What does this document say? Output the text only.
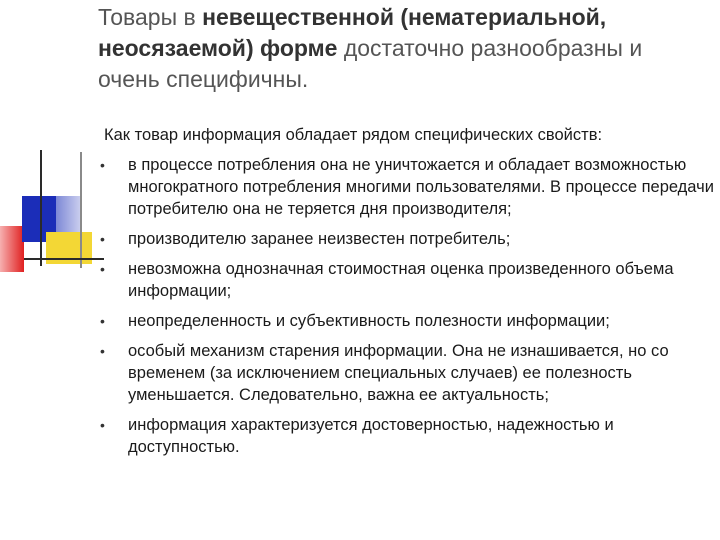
Товары в невещественной (нематериальной, неосязаемой) форме достаточно разнообразны и очень специфичны.
Как товар информация обладает рядом специфических свойств:
• в процессе потребления она не уничтожается и обладает возможностью многократного потребления многими пользователями. В процессе передачи потребителю она не теряется дня производителя;
• производителю заранее неизвестен потребитель;
• невозможна однозначная стоимостная оценка произведенного объема информации;
• неопределенность и субъективность полезности информации;
• особый механизм старения информации. Она не изнашивается, но со временем (за исключением специальных случаев) ее полезность уменьшается. Следовательно, важна ее актуальность;
• информация характеризуется достоверностью, надежностью и доступностью.
